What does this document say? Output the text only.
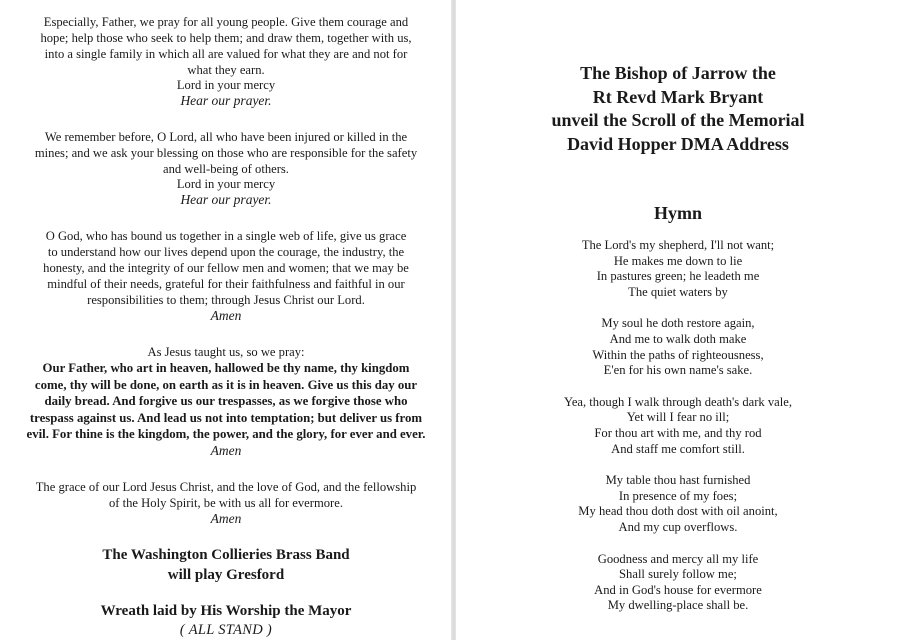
Especially, Father, we pray for all young people. Give them courage and

hope; help those who seek to help them; and draw them, together with us,

into a single family in which all are valued for what they are and not for

what they earn.

Lord in your mercy

Hear our prayer.

We remember before, O Lord, all who have been injured or killed in the

mines; and we ask your blessing on those who are responsible for the safety

and well-being of others.

Lord in your mercy

Hear our prayer.

O God, who has bound us together in a single web of life, give us grace

to understand how our lives depend upon the courage, the industry, the

honesty, and the integrity of our fellow men and women; that we may be

mindful of their needs, grateful for their faithfulness and faithful in our

responsibilities to them; through Jesus Christ our Lord.

Amen

As Jesus taught us, so we pray:

Our Father, who art in heaven, hallowed be thy name, thy kingdom

come, thy will be done, on earth as it is in heaven. Give us this day our

daily bread. And forgive us our trespasses, as we forgive those who

trespass against us. And lead us not into temptation; but deliver us from

evil. For thine is the kingdom, the power, and the glory, for ever and ever.

Amen

The grace of our Lord Jesus Christ, and the love of God, and the fellowship

of the Holy Spirit, be with us all for evermore.

Amen

The Washington Collieries Brass Band

will play Gresford

Wreath laid by His Worship the Mayor

( ALL STAND )

The Bishop of Jarrow the

Rt Revd Mark Bryant

unveil the Scroll of the Memorial

David Hopper DMA Address

Hymn

The Lord's my shepherd, I'll not want;
He makes me down to lie
In pastures green; he leadeth me
The quiet waters by
My soul he doth restore again,
And me to walk doth make
Within the paths of righteousness,
E'en for his own name's sake.
Yea, though I walk through death's dark vale,
Yet will I fear no ill;
For thou art with me, and thy rod
And staff me comfort still.
My table thou hast furnished
In presence of my foes;
My head thou doth dost with oil anoint,
And my cup overflows.
Goodness and mercy all my life
Shall surely follow me;
And in God's house for evermore
My dwelling-place shall be.
